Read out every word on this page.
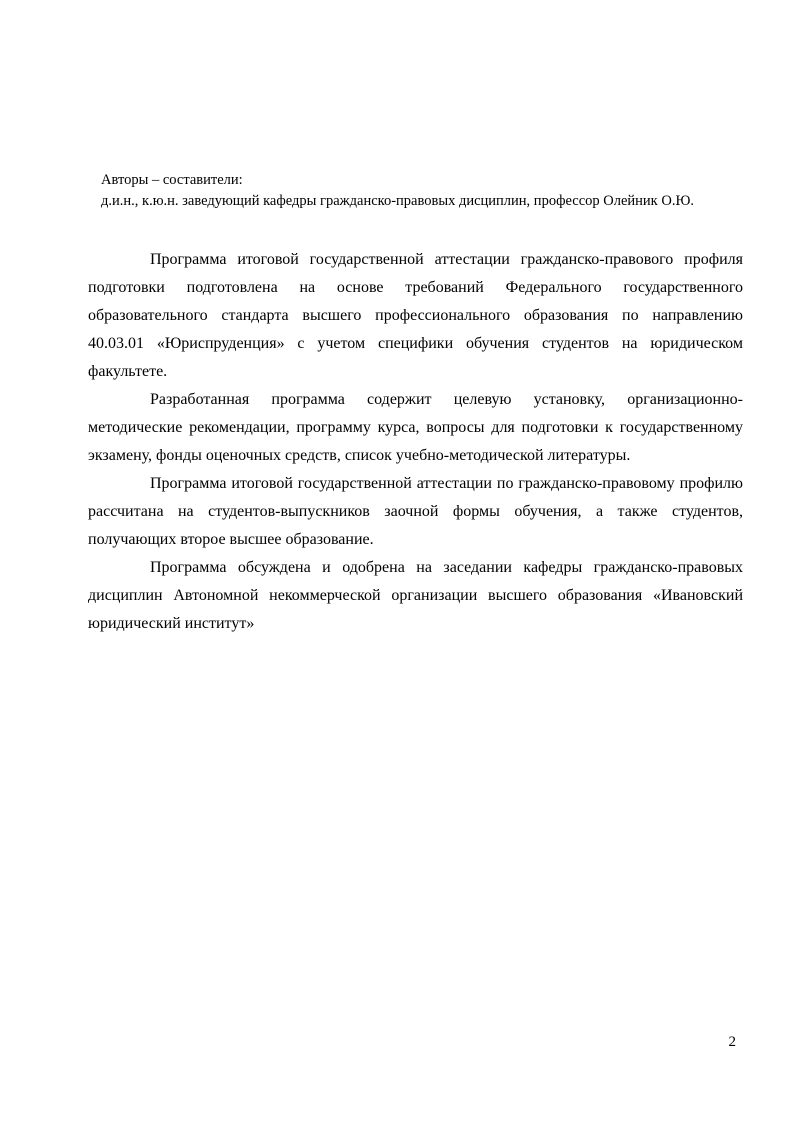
Авторы – составители:
д.и.н., к.ю.н. заведующий кафедры гражданско-правовых дисциплин, профессор Олейник О.Ю.

Программа итоговой государственной аттестации гражданско-правового профиля подготовки подготовлена на основе требований Федерального государственного образовательного стандарта высшего профессионального образования по направлению 40.03.01 «Юриспруденция» с учетом специфики обучения студентов на юридическом факультете.

Разработанная программа содержит целевую установку, организационно-методические рекомендации, программу курса, вопросы для подготовки к государственному экзамену, фонды оценочных средств, список учебно-методической литературы.

Программа итоговой государственной аттестации по гражданско-правовому профилю рассчитана на студентов-выпускников заочной формы обучения, а также студентов, получающих второе высшее образование.

Программа обсуждена и одобрена на заседании кафедры гражданско-правовых дисциплин Автономной некоммерческой организации высшего образования «Ивановский юридический институт»

2
